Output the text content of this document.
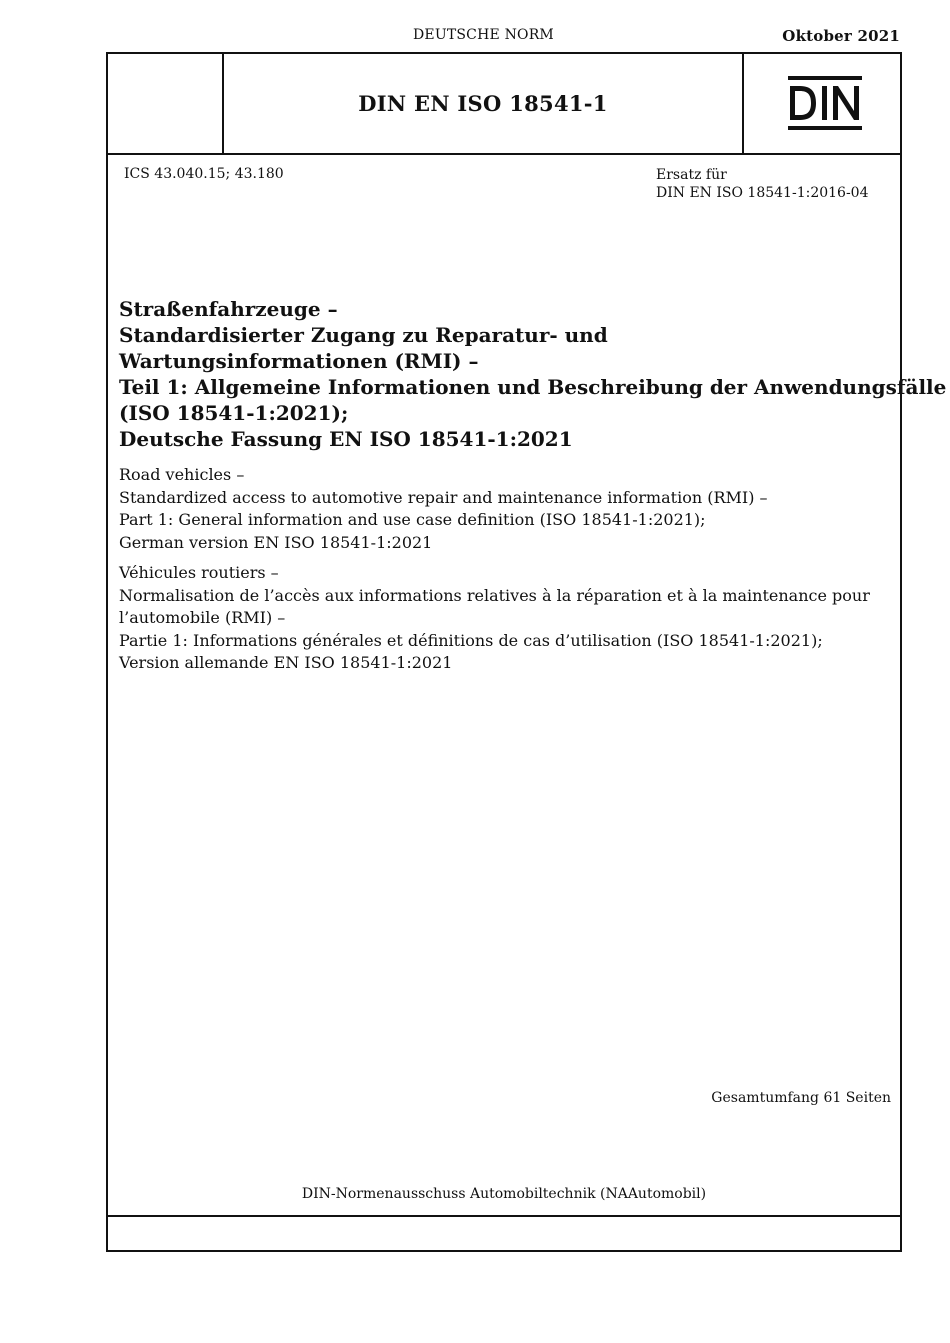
DEUTSCHE NORM	Oktober 2021
DIN EN ISO 18541-1
ICS 43.040.15; 43.180	Ersatz für
DIN EN ISO 18541-1:2016-04
Straßenfahrzeuge –
Standardisierter Zugang zu Reparatur- und
Wartungsinformationen (RMI) –
Teil 1: Allgemeine Informationen und Beschreibung der Anwendungsfälle
(ISO 18541-1:2021);
Deutsche Fassung EN ISO 18541-1:2021
Road vehicles –
Standardized access to automotive repair and maintenance information (RMI) –
Part 1: General information and use case definition (ISO 18541-1:2021);
German version EN ISO 18541-1:2021
Véhicules routiers –
Normalisation de l’accès aux informations relatives à la réparation et à la maintenance pour
l’automobile (RMI) –
Partie 1: Informations générales et définitions de cas d’utilisation (ISO 18541-1:2021);
Version allemande EN ISO 18541-1:2021
Gesamtumfang 61 Seiten
DIN-Normenausschuss Automobiltechnik (NAAutomobil)
